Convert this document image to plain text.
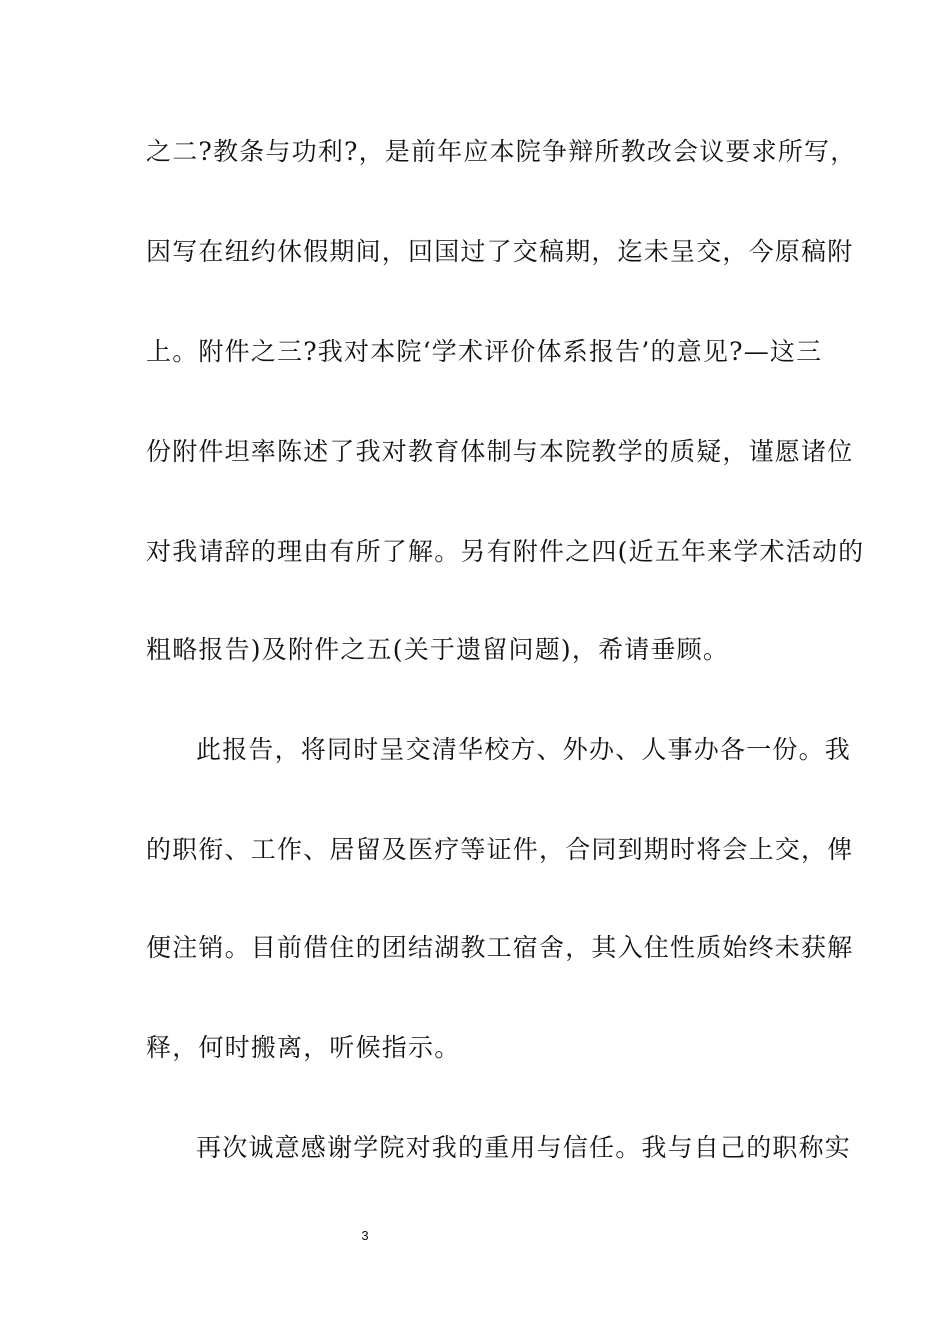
之二?教条与功利?，是前年应本院争辩所教改会议要求所写，
因写在纽约休假期间，回国过了交稿期，迄未呈交，今原稿附
上。附件之三?我对本院‘学术评价体系报告’的意见?—这三
份附件坦率陈述了我对教育体制与本院教学的质疑，谨愿诸位
对我请辞的理由有所了解。另有附件之四(近五年来学术活动的
粗略报告)及附件之五(关于遗留问题)，希请垂顾。
此报告，将同时呈交清华校方、外办、人事办各一份。我
的职衔、工作、居留及医疗等证件，合同到期时将会上交，俾
便注销。目前借住的团结湖教工宿舍，其入住性质始终未获解
释，何时搬离，听候指示。
再次诚意感谢学院对我的重用与信任。我与自己的职称实
3
